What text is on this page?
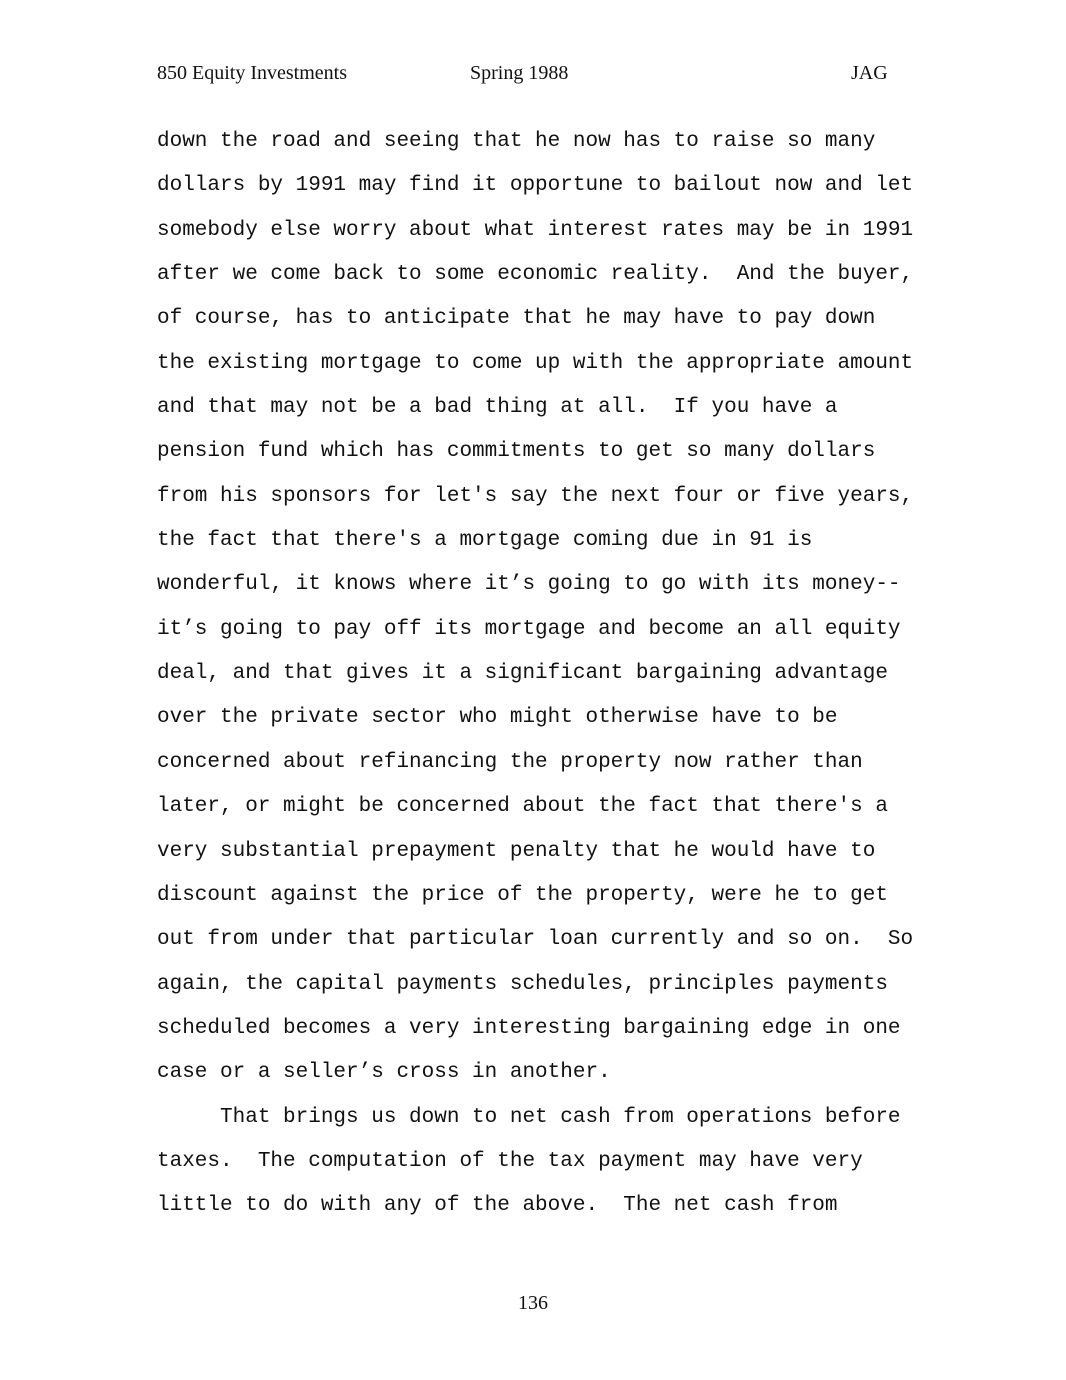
850 Equity Investments	Spring 1988	JAG
down the road and seeing that he now has to raise so many
dollars by 1991 may find it opportune to bailout now and let
somebody else worry about what interest rates may be in 1991
after we come back to some economic reality.  And the buyer,
of course, has to anticipate that he may have to pay down
the existing mortgage to come up with the appropriate amount
and that may not be a bad thing at all.  If you have a
pension fund which has commitments to get so many dollars
from his sponsors for let's say the next four or five years,
the fact that there's a mortgage coming due in 91 is
wonderful, it knows where it’s going to go with its money--
it’s going to pay off its mortgage and become an all equity
deal, and that gives it a significant bargaining advantage
over the private sector who might otherwise have to be
concerned about refinancing the property now rather than
later, or might be concerned about the fact that there's a
very substantial prepayment penalty that he would have to
discount against the price of the property, were he to get
out from under that particular loan currently and so on.  So
again, the capital payments schedules, principles payments
scheduled becomes a very interesting bargaining edge in one
case or a seller’s cross in another.
That brings us down to net cash from operations before
taxes.  The computation of the tax payment may have very
little to do with any of the above.  The net cash from
136
